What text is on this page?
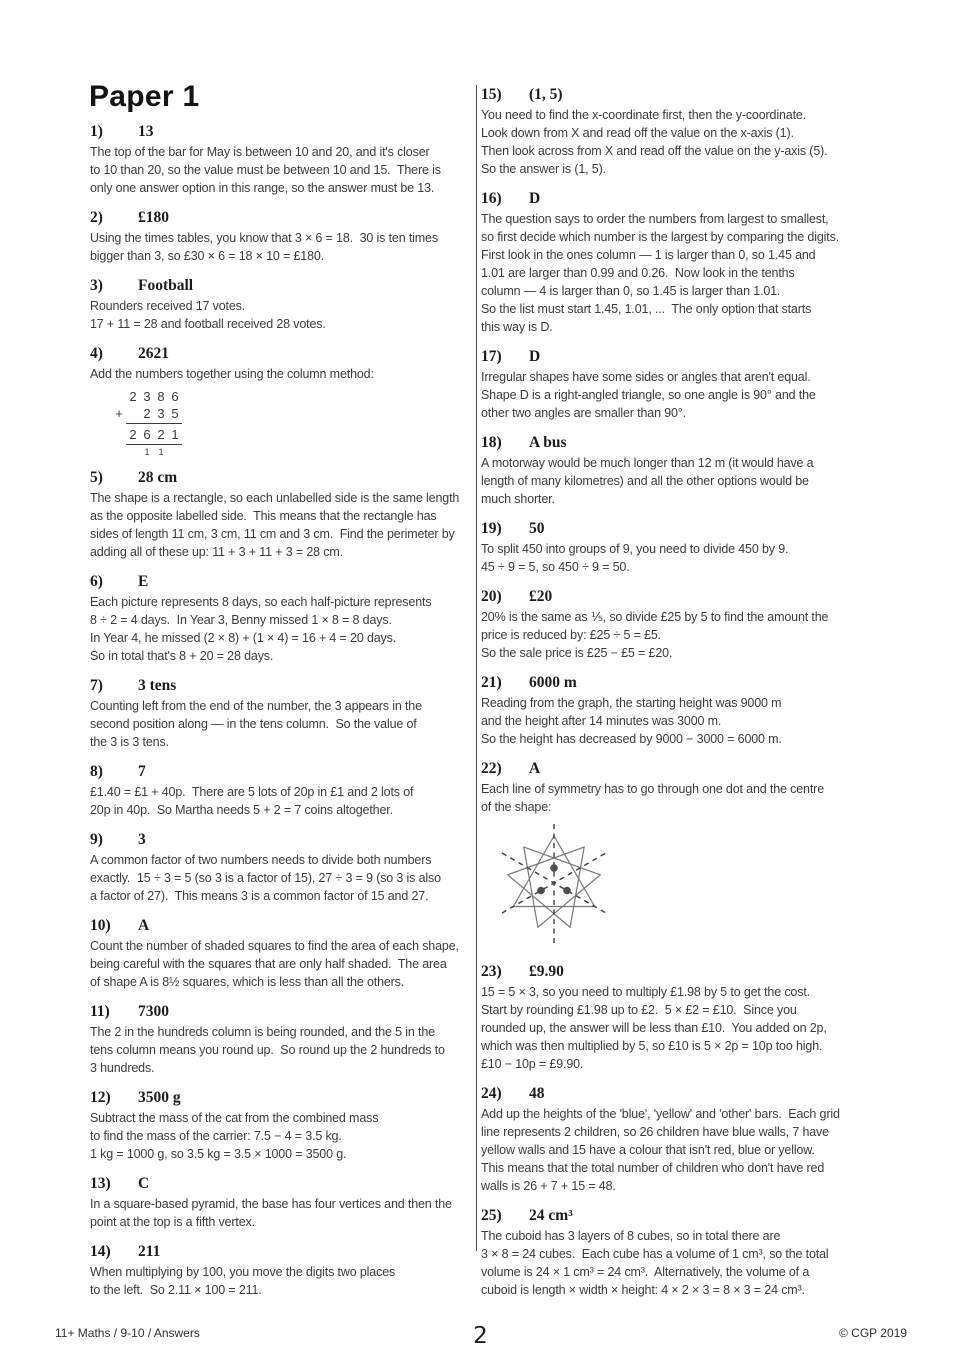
Paper 1
1)	13
The top of the bar for May is between 10 and 20, and it's closer
to 10 than 20, so the value must be between 10 and 15.  There is
only one answer option in this range, so the answer must be 13.
2)	£180
Using the times tables, you know that 3 × 6 = 18.  30 is ten times
bigger than 3, so £30 × 6 = 18 × 10 = £180.
3)	Football
Rounders received 17 votes.
17 + 11 = 28 and football received 28 votes.
4)	2621
Add the numbers together using the column method:
2 3 8 6
+ 2 3 5
2 6 2 1
1 1
5)	28 cm
The shape is a rectangle, so each unlabelled side is the same length
as the opposite labelled side.  This means that the rectangle has
sides of length 11 cm, 3 cm, 11 cm and 3 cm.  Find the perimeter by
adding all of these up: 11 + 3 + 11 + 3 = 28 cm.
6)	E
Each picture represents 8 days, so each half-picture represents
8 ÷ 2 = 4 days.  In Year 3, Benny missed 1 × 8 = 8 days.
In Year 4, he missed (2 × 8) + (1 × 4) = 16 + 4 = 20 days.
So in total that's 8 + 20 = 28 days.
7)	3 tens
Counting left from the end of the number, the 3 appears in the
second position along — in the tens column.  So the value of
the 3 is 3 tens.
8)	7
£1.40 = £1 + 40p.  There are 5 lots of 20p in £1 and 2 lots of
20p in 40p.  So Martha needs 5 + 2 = 7 coins altogether.
9)	3
A common factor of two numbers needs to divide both numbers
exactly.  15 ÷ 3 = 5 (so 3 is a factor of 15), 27 ÷ 3 = 9 (so 3 is also
a factor of 27).  This means 3 is a common factor of 15 and 27.
10)	A
Count the number of shaded squares to find the area of each shape,
being careful with the squares that are only half shaded.  The area
of shape A is 8½ squares, which is less than all the others.
11)	7300
The 2 in the hundreds column is being rounded, and the 5 in the
tens column means you round up.  So round up the 2 hundreds to
3 hundreds.
12)	3500 g
Subtract the mass of the cat from the combined mass
to find the mass of the carrier: 7.5 − 4 = 3.5 kg.
1 kg = 1000 g, so 3.5 kg = 3.5 × 1000 = 3500 g.
13)	C
In a square-based pyramid, the base has four vertices and then the
point at the top is a fifth vertex.
14)	211
When multiplying by 100, you move the digits two places
to the left.  So 2.11 × 100 = 211.
15)	(1, 5)
You need to find the x-coordinate first, then the y-coordinate.
Look down from X and read off the value on the x-axis (1).
Then look across from X and read off the value on the y-axis (5).
So the answer is (1, 5).
16)	D
The question says to order the numbers from largest to smallest,
so first decide which number is the largest by comparing the digits.
First look in the ones column — 1 is larger than 0, so 1.45 and
1.01 are larger than 0.99 and 0.26.  Now look in the tenths
column — 4 is larger than 0, so 1.45 is larger than 1.01.
So the list must start 1.45, 1.01, ...  The only option that starts
this way is D.
17)	D
Irregular shapes have some sides or angles that aren't equal.
Shape D is a right-angled triangle, so one angle is 90° and the
other two angles are smaller than 90°.
18)	A bus
A motorway would be much longer than 12 m (it would have a
length of many kilometres) and all the other options would be
much shorter.
19)	50
To split 450 into groups of 9, you need to divide 450 by 9.
45 ÷ 9 = 5, so 450 ÷ 9 = 50.
20)	£20
20% is the same as ⅕, so divide £25 by 5 to find the amount the
price is reduced by: £25 ÷ 5 = £5.
So the sale price is £25 − £5 = £20.
21)	6000 m
Reading from the graph, the starting height was 9000 m
and the height after 14 minutes was 3000 m.
So the height has decreased by 9000 − 3000 = 6000 m.
22)	A
Each line of symmetry has to go through one dot and the centre
of the shape:
23)	£9.90
15 = 5 × 3, so you need to multiply £1.98 by 5 to get the cost.
Start by rounding £1.98 up to £2.  5 × £2 = £10.  Since you
rounded up, the answer will be less than £10.  You added on 2p,
which was then multiplied by 5, so £10 is 5 × 2p = 10p too high.
£10 − 10p = £9.90.
24)	48
Add up the heights of the 'blue', 'yellow' and 'other' bars.  Each grid
line represents 2 children, so 26 children have blue walls, 7 have
yellow walls and 15 have a colour that isn't red, blue or yellow.
This means that the total number of children who don't have red
walls is 26 + 7 + 15 = 48.
25)	24 cm³
The cuboid has 3 layers of 8 cubes, so in total there are
3 × 8 = 24 cubes.  Each cube has a volume of 1 cm³, so the total
volume is 24 × 1 cm³ = 24 cm³.  Alternatively, the volume of a
cuboid is length × width × height: 4 × 2 × 3 = 8 × 3 = 24 cm³.
11+ Maths / 9-10 / Answers	2	© CGP 2019
